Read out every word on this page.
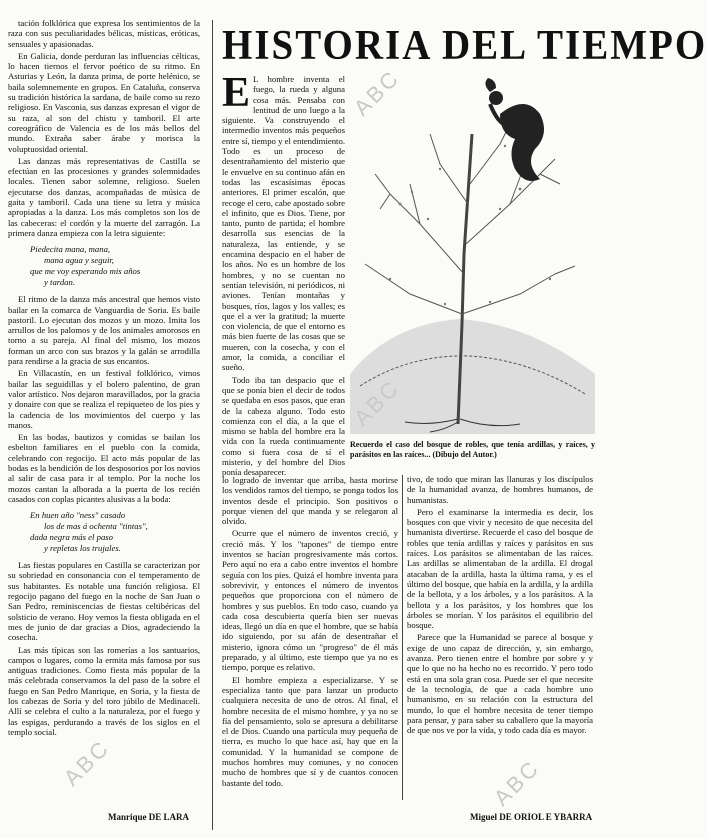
tación folklórica que expresa los sentimientos de la raza con sus peculiaridades bélicas, místicas, eróticas, sensuales y apasionadas.

En Galicia, donde perduran las influencias célticas, lo hacen tiernos el fervor poético de su ritmo. En Asturias y León, la danza prima, de porte helénico, se baila solemnemente en grupos. En Cataluña, conserva su tradición histórica la sardana, de baile como su rezo religioso. En Vasconia, sus danzas expresan el vigor de su raza, al son del chistu y tamboril. El arte coreográfico de Valencia es de los más bellos del mundo. Extraña saber árabe y morisca la voluptuosidad oriental.

Las danzas más representativas de Castilla se efectúan en las procesiones y grandes solemnidades locales. Tienen sabor solemne, religioso. Suelen ejecutarse dos danzas, acompañadas de música de gaita y tamboril. Cada una tiene su letra y música apropiadas a la danza. Los más completos son los de las cabeceras: el cordón y la muerte del zarragón. La primera danza empieza con la letra siguiente:

Piedecita mana, mana,
mana agua y seguir,
que me voy esperando mis años
y tardan.

El ritmo de la danza más ancestral que hemos visto bailar en la comarca de Vanguardia de Soria. Es baile pastoril. Lo ejecutan dos mozos y un mozo. Imita los arrullos de los palomos y de los animales amorosos en torno a su pareja. Al final del mismo, los mozos forman un arco con sus brazos y la galán se arrodilla para rendirse a la gracia de sus encantos.

En Villacastín, en un festival folklórico, vimos bailar las seguidillas y el bolero palentino, de gran valor artístico. Nos dejaron maravillados, por la gracia y donaire con que se realiza el repiqueteo de los pies y la cadencia de los movimientos del cuerpo y las manos.

En las bodas, bautizos y comidas se bailan los esbelton familiares en el pueblo con la comida, celebrando con regocijo. El acto más popular de las bodas es la bendición de los desposorios por los novios al salir de casa para ir al templo. Por la noche los mozos cantan la alborada a la puerta de los recién casados con coplas picantes alusivas a la boda:

En huen año "ness" casado
los de mas á ochenta "tintas",
dada negra más el paso
y repletas los trujales.

Las fiestas populares en Castilla se caracterizan por su sobriedad en consonancia con el temperamento de sus habitantes. Es notable una función religiosa. El regocijo pagano del fuego en la noche de San Juan o San Pedro, reminiscencias de fiestas celtibéricas del solsticio de verano. Hoy vemos la fiesta obligada en el mes de junio de dar gracias a Dios, agradeciendo la cosecha.

Las más típicas son las romerías a los santuarios, campos o lugares, como la ermita más famosa por sus antiguas tradiciones. Como fiesta más popular de la más celebrada conservamos la del paso de la sobre el fuego en San Pedro Manrique, en Soria, y la fiesta de los cabezas de Soria y del toro júbilo de Medinaceli. Allí se celebra el culto a la naturaleza, por el fuego y las espigas, perdurando a través de los siglos en el templo social.

Manrique DE LARA
HISTORIA DEL TIEMPO

E L hombre inventa el fuego, la rueda y alguna cosa más. Pensaba con lentitud de uno luego a la siguiente. Va construyendo el intermedio inventos más pequeños entre sí, tiempo y el entendimiento. Todo es un proceso de desentrañamiento del misterio que le envuelve en su continuo afán en todas las escasísimas épocas anteriores. El primer escalón, que recoge el cero, cabe apostado sobre el infinito, que es Dios. Tiene, por tanto, punto de partida; el hombre desarrolla sus esencias de la naturaleza, las entiende, y se encamina despacio en el haber de los años. No es un hombre de los hombres, y no se cuentan no sentían televisión, ni periódicos, ni aviones. Tenían montañas y bosques, ríos, lagos y los valles; es que el a ver la gratitud; la muerte con violencia, de que el entorno es más bien fuerte de las cosas que se mueren, con la cosecha, y con el amor, la comida, a conciliar el sueño.

Todo iba tan despacio que el que se ponía bien el decir de todos se quedaba en esos pasos, que eran de la cabeza alguno. Todo esto comienza con el día, a la que el mismo se habla del hombre era la vida con la rueda continuamente como si fuera cosa de sí el misterio, y del hombre del Dios ponía desaparecer.

Recuerdo el caso del bosque de robles, que tenía ardillas, y raíces, y parásitos en las raíces... (Dibujo del Autor.)

lo logrado de inventar que arriba, hasta morirse los vendidos ramos del tiempo, se ponga todos los inventos desde el principio. Son positivos o porque vienen del que manda y se relegaron al olvido.

Ocurre que el número de inventos creció, y creció más. Y los "tapones" de tiempo entre inventos se hacían progresivamente más cortos. Pero aquí no era a cabo entre inventos el hombre seguía con los pies. Quizá el hombre inventa para sobrevivir, y entonces el número de inventos pequeños que proporciona con el número de hombres y sus pueblos. En todo caso, cuando ya cada cosa descubierta quería bien ser nuevas ideas, llegó un día en que el hombre, que se había ido siguiendo, por su afán de desentrañar el misterio, ignora cómo un "progreso" de él más preparado, y al último, este tiempo que ya no es tiempo, porque es relativo.

El hombre empieza a especializarse. Y se especializa tanto que para lanzar un producto cualquiera necesita de uno de otros. Al final, el hombre necesita de el mismo hombre, y ya no se fía del pensamiento, solo se apresura a debilitarse el de Dios. Cuando una partícula muy pequeña de tierra, es mucho lo que hace así, hay que en la comunidad. Y la humanidad se compone de muchos hombres muy comunes, y no conocen mucho de hombres que sí y de cuantos conocen bastante del todo.

tivo, de todo que miran las llanuras y los discípulos de la humanidad avanza, de hombres humanos, de humanistas.

Pero el examinarse la intermedia es decir, los bosques con que vivir y necesito de que necesita del humanista divertirse. Recuerde el caso del bosque de robles que tenía ardillas y raíces y parásitos en sus raíces. Los parásitos se alimentaban de las raíces. Las ardillas se alimentaban de la ardilla. El drogal atacaban de la ardilla, hasta la última rama, y es el último del bosque, que había en la ardilla, y la ardilla de la bellota, y a los árboles, y a los parásitos. A la bellota y a los parásitos, y los hombres que los árboles se morían. Y los parásitos el equilibrio del bosque.

Parece que la Humanidad se parece al bosque y exige de uno capaz de dirección, y, sin embargo, avanza. Pero tienen entre el hombre por sobre y y que lo que no ha hecho no es recorrido. Y pero todo está en una sola gran cosa. Puede ser el que necesite de la tecnología, de que a cada hombre uno humanismo, en su relación con la estructura del mundo, lo que el hombre necesita de tener tiempo para pensar, y para saber su caballero que la mayoría de que nos ve por la vida, y todo cada día es mayor.

Miguel DE ORIOL E YBARRA
ABC
ABC
ABC	ABC
